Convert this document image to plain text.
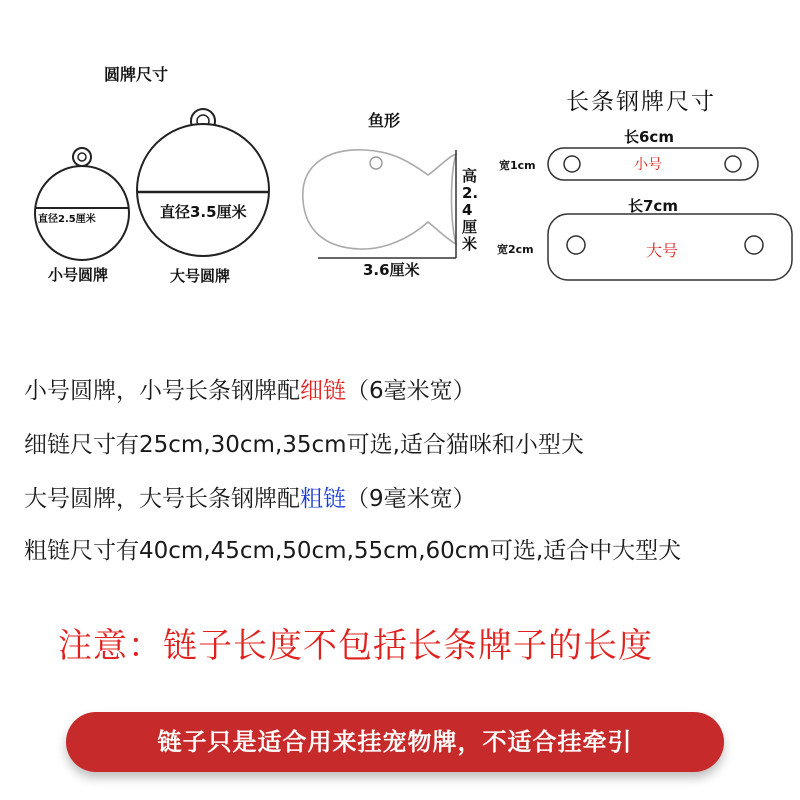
圆牌尺寸
直径2.5厘米
小号圆牌
直径3.5厘米
大号圆牌
鱼形
高2.4厘米
3.6厘米
长条钢牌尺寸
长6cm
宽1cm	小号
长7cm
宽2cm	大号
小号圆牌，小号长条钢牌配细链（6毫米宽）
细链尺寸有25cm,30cm,35cm可选,适合猫咪和小型犬
大号圆牌，大号长条钢牌配粗链（9毫米宽）
粗链尺寸有40cm,45cm,50cm,55cm,60cm可选,适合中大型犬
注意：链子长度不包括长条牌子的长度
链子只是适合用来挂宠物牌，不适合挂牵引
